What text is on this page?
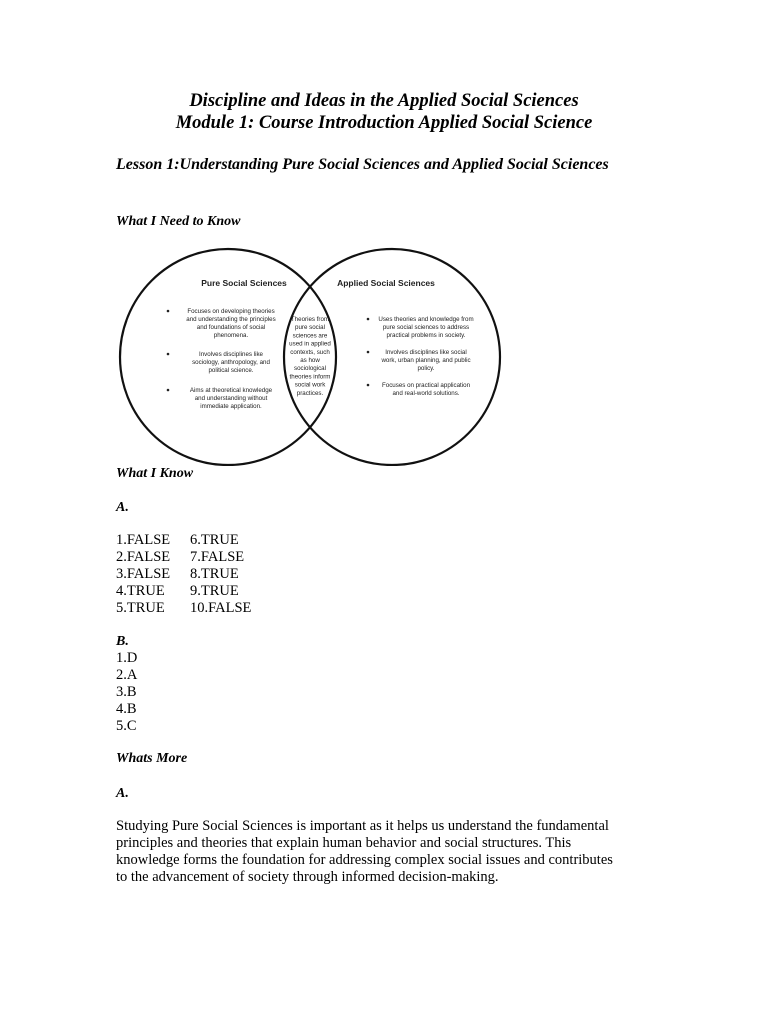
Discipline and Ideas in the Applied Social Sciences
Module 1: Course Introduction Applied Social Science
Lesson 1:Understanding Pure Social Sciences and Applied Social Sciences
What I Need to Know
Pure Social Sciences	Applied Social Sciences
Focuses on developing theories
and understanding the principles
and foundations of social
phenomena.
Involves disciplines like
sociology, anthropology, and
political science.
Aims at theoretical knowledge
and understanding without
immediate application.
Theories from
pure social
sciences are
used in applied
contexts, such
as how
sociological
theories inform
social work
practices.
Uses theories and knowledge from
pure social sciences to address
practical problems in society.
Involves disciplines like social
work, urban planning, and public
policy.
Focuses on practical application
and real-world solutions.
What I Know
A.
1.FALSE 6.TRUE
2.FALSE 7.FALSE
3.FALSE 8.TRUE
4.TRUE 9.TRUE
5.TRUE 10.FALSE
B.
1.D
2.A
3.B
4.B
5.C
Whats More
A.
Studying Pure Social Sciences is important as it helps us understand the fundamental
principles and theories that explain human behavior and social structures. This
knowledge forms the foundation for addressing complex social issues and contributes
to the advancement of society through informed decision-making.
